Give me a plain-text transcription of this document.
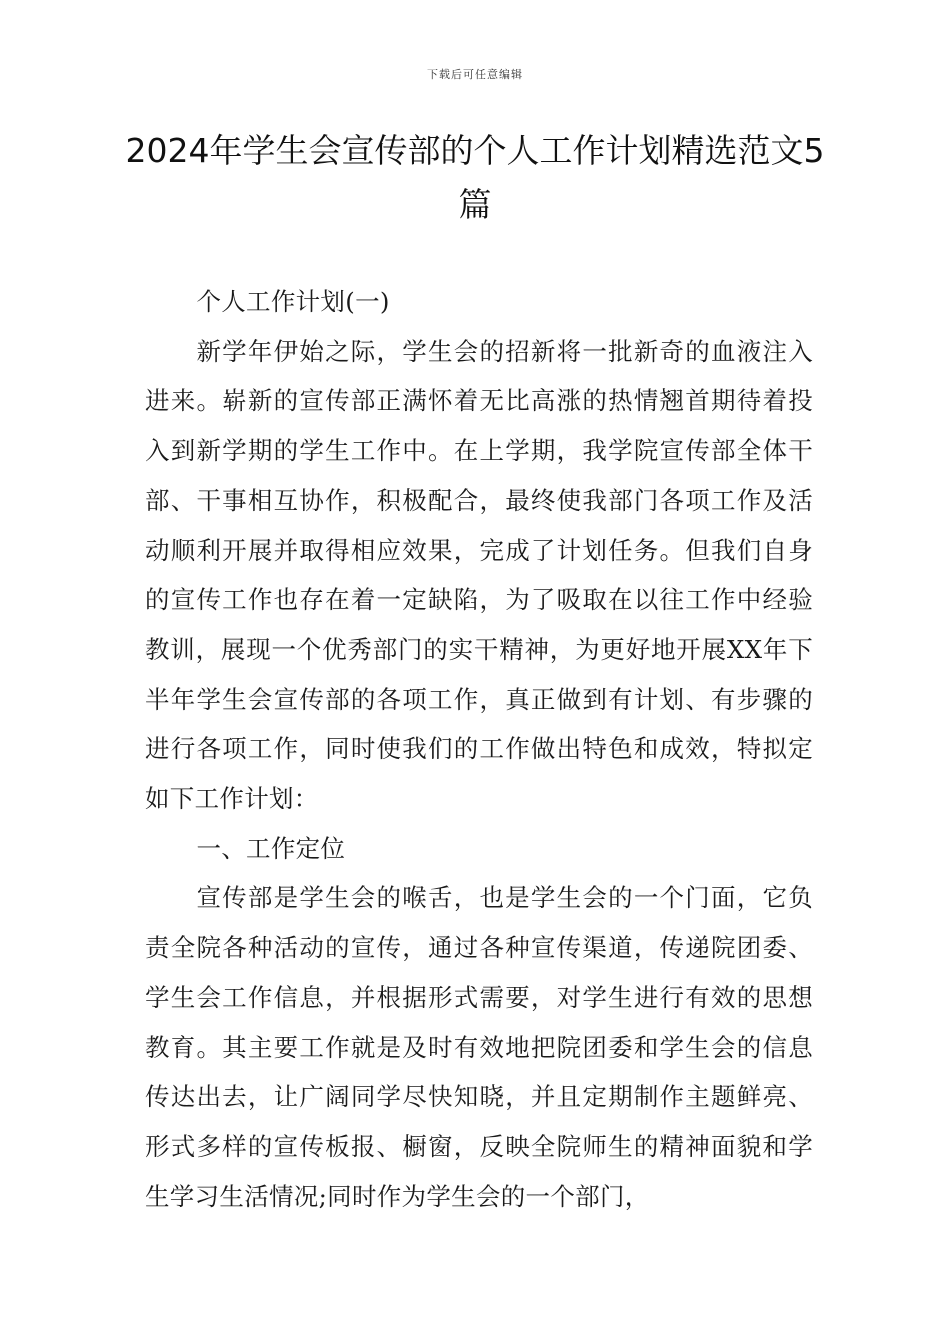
下载后可任意编辑
2024年学生会宣传部的个人工作计划精选范文5篇

个人工作计划(一)

新学年伊始之际，学生会的招新将一批新奇的血液注入进来。崭新的宣传部正满怀着无比高涨的热情翘首期待着投入到新学期的学生工作中。在上学期，我学院宣传部全体干部、干事相互协作，积极配合，最终使我部门各项工作及活动顺利开展并取得相应效果，完成了计划任务。但我们自身的宣传工作也存在着一定缺陷，为了吸取在以往工作中经验教训，展现一个优秀部门的实干精神，为更好地开展XX年下半年学生会宣传部的各项工作，真正做到有计划、有步骤的进行各项工作，同时使我们的工作做出特色和成效，特拟定如下工作计划：

一、工作定位

宣传部是学生会的喉舌，也是学生会的一个门面，它负责全院各种活动的宣传，通过各种宣传渠道，传递院团委、学生会工作信息，并根据形式需要，对学生进行有效的思想教育。其主要工作就是及时有效地把院团委和学生会的信息传达出去，让广阔同学尽快知晓，并且定期制作主题鲜亮、形式多样的宣传板报、橱窗，反映全院师生的精神面貌和学生学习生活情况;同时作为学生会的一个部门，
